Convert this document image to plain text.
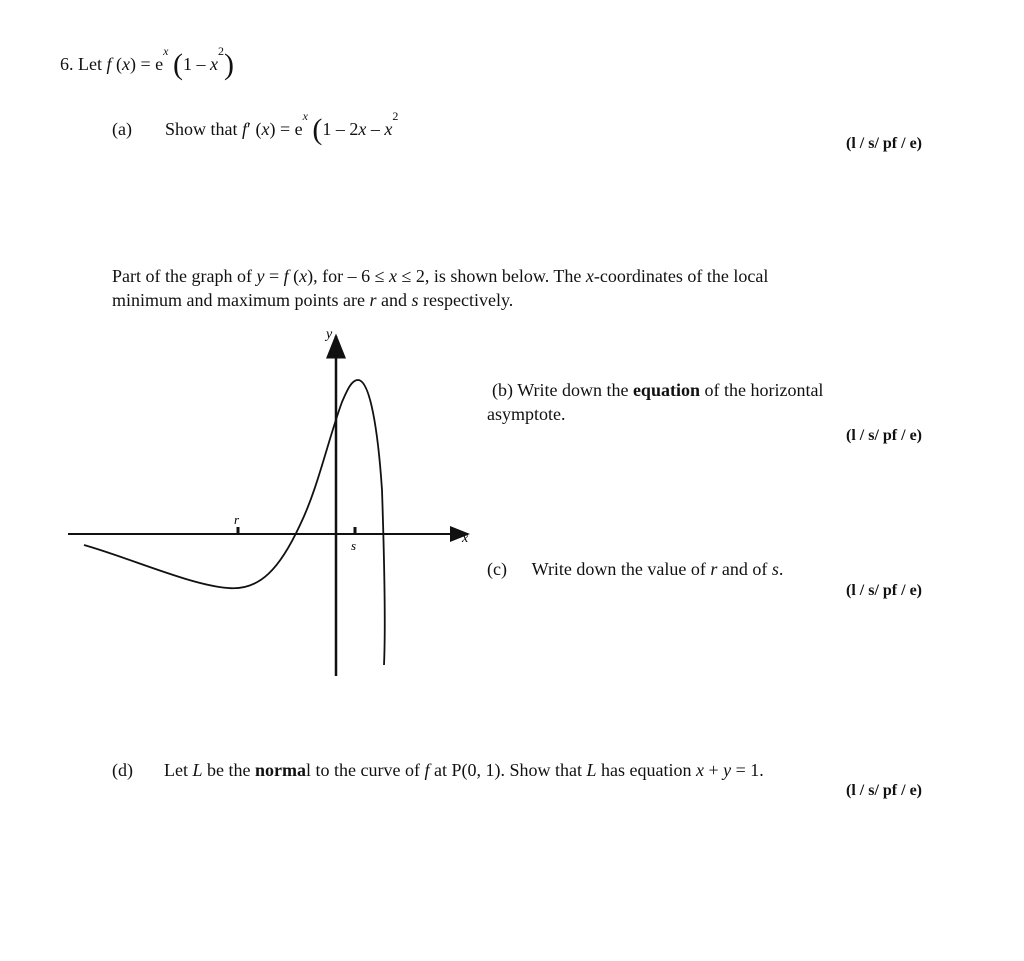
6. Let f $(x) = e^x$ $(1 - x^2)$
(a) Show that f′ $(x) = e^x$ ($1 - 2x - x^2$
(l / s/ pf / e)
Part of the graph of y = f (x), for – 6 ≤ x ≤ 2, is shown below. The x-coordinates of the local
minimum and maximum points are r and s respectively.
y
x
r
s
(b) Write down the equation of the horizontal
asymptote.
(l / s/ pf / e)
(c) Write down the value of r and of s.
(l / s/ pf / e)
(d) Let L be the normal to the curve of f at P(0, 1). Show that L has equation x + y = 1.
(l / s/ pf / e)
